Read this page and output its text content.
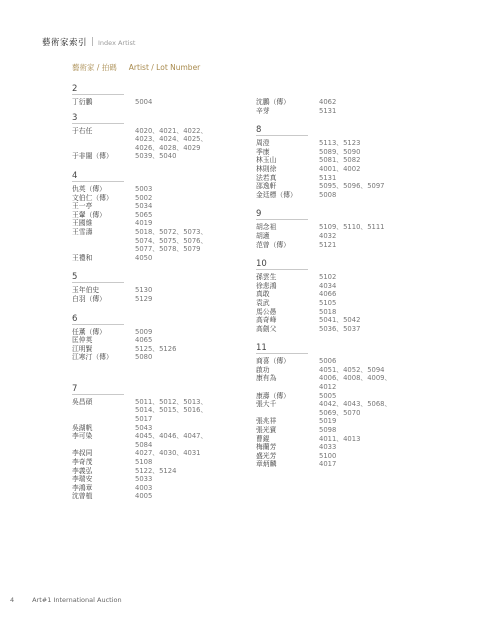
藝術家索引 Index Artist
藝術家 / 拍碼 Artist / Lot Number
2
丁衍鵬	5004
3
于右任	4020、4021、4022、
4023、4024、4025、
4026、4028、4029
于非闇（傳）	5039、5040
4
仇英（傳）	5003
文伯仁（傳）	5002
王一亭	5034
王翬（傳）	5065
王國維	4019
王雪濤	5018、5072、5073、
5074、5075、5076、
5077、5078、5079
王禮和	4050
5
玉年伯史	5130
白羽（傳）	5129
6
任薰（傳）	5009
匡仲英	4065
江明賢	5125、5126
江寒汀（傳）	5080
7
吳昌碩	5011、5012、5013、
5014、5015、5016、
5017
吳湖帆	5043
李可染	4045、4046、4047、
5084
李叔同	4027、4030、4031
李奇茂	5108
李義弘	5122、5124
李瑞安	5033
李鴻章	4003
沈曾植	4005
沈鵬（傳）	4062
辛芽	5131
8
周澄	5113、5123
季康	5089、5090
林玉山	5081、5082
林則徐	4001、4002
法若真	5131
邵逸軒	5095、5096、5097
金廷標（傳）	5008
9
胡念祖	5109、5110、5111
胡適	4032
范曾（傳）	5121
10
孫雲生	5102
徐悲鴻	4034
真敢	4066
袁武	5105
馬公愚	5018
高奇峰	5041、5042
高劍父	5036、5037
11
商喜（傳）	5006
啟功	4051、4052、5094
康有為	4006、4008、4009、
4012
康壽（傳）	5005
張大千	4042、4043、5068、
5069、5070
張兆祥	5019
張光賓	5098
曹錕	4011、4013
梅蘭芳	4033
盛光芳	5100
章炳麟	4017
4	Art#1 International Auction
